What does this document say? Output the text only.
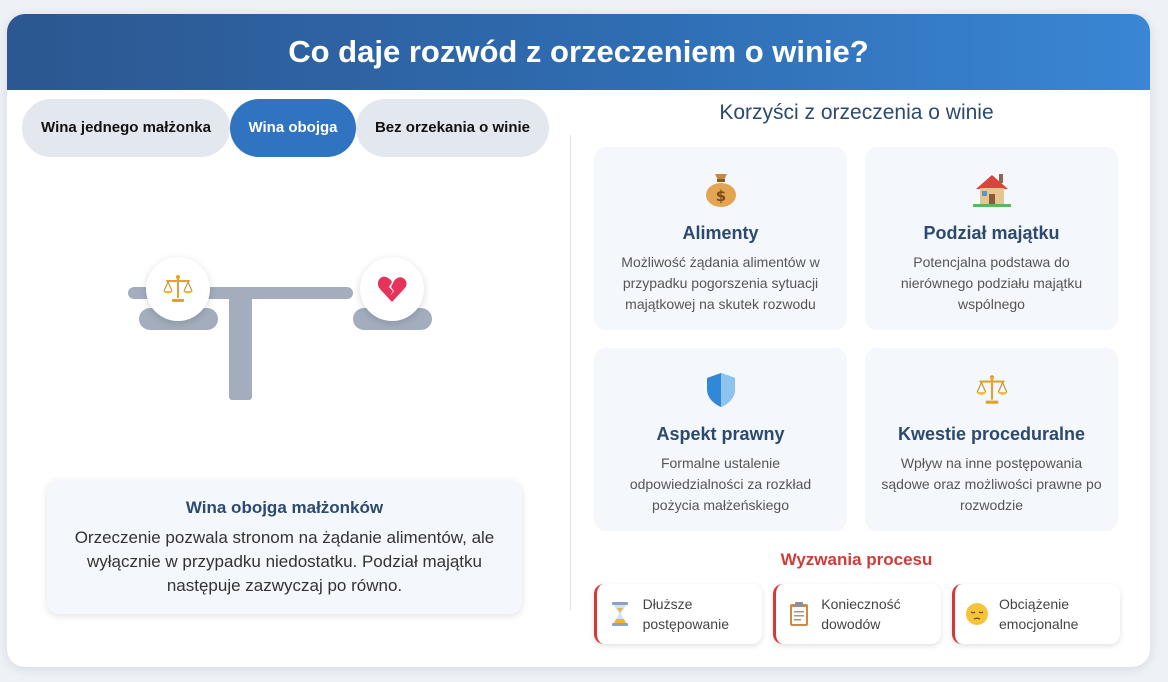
Co daje rozwód z orzeczeniem o winie?
Wina jednego małżonka	Wina obojga	Bez orzekania o winie
Wina obojga małżonków
Orzeczenie pozwala stronom na żądanie alimentów, ale wyłącznie w przypadku niedostatku. Podział majątku następuje zazwyczaj po równo.
Korzyści z orzeczenia o winie
$
Alimenty
Możliwość żądania alimentów w przypadku pogorszenia sytuacji majątkowej na skutek rozwodu
Podział majątku
Potencjalna podstawa do nierównego podziału majątku wspólnego
Aspekt prawny
Formalne ustalenie odpowiedzialności za rozkład pożycia małżeńskiego
Kwestie proceduralne
Wpływ na inne postępowania sądowe oraz możliwości prawne po rozwodzie
Wyzwania procesu
Dłuższe postępowanie
Konieczność dowodów
Obciążenie emocjonalne
